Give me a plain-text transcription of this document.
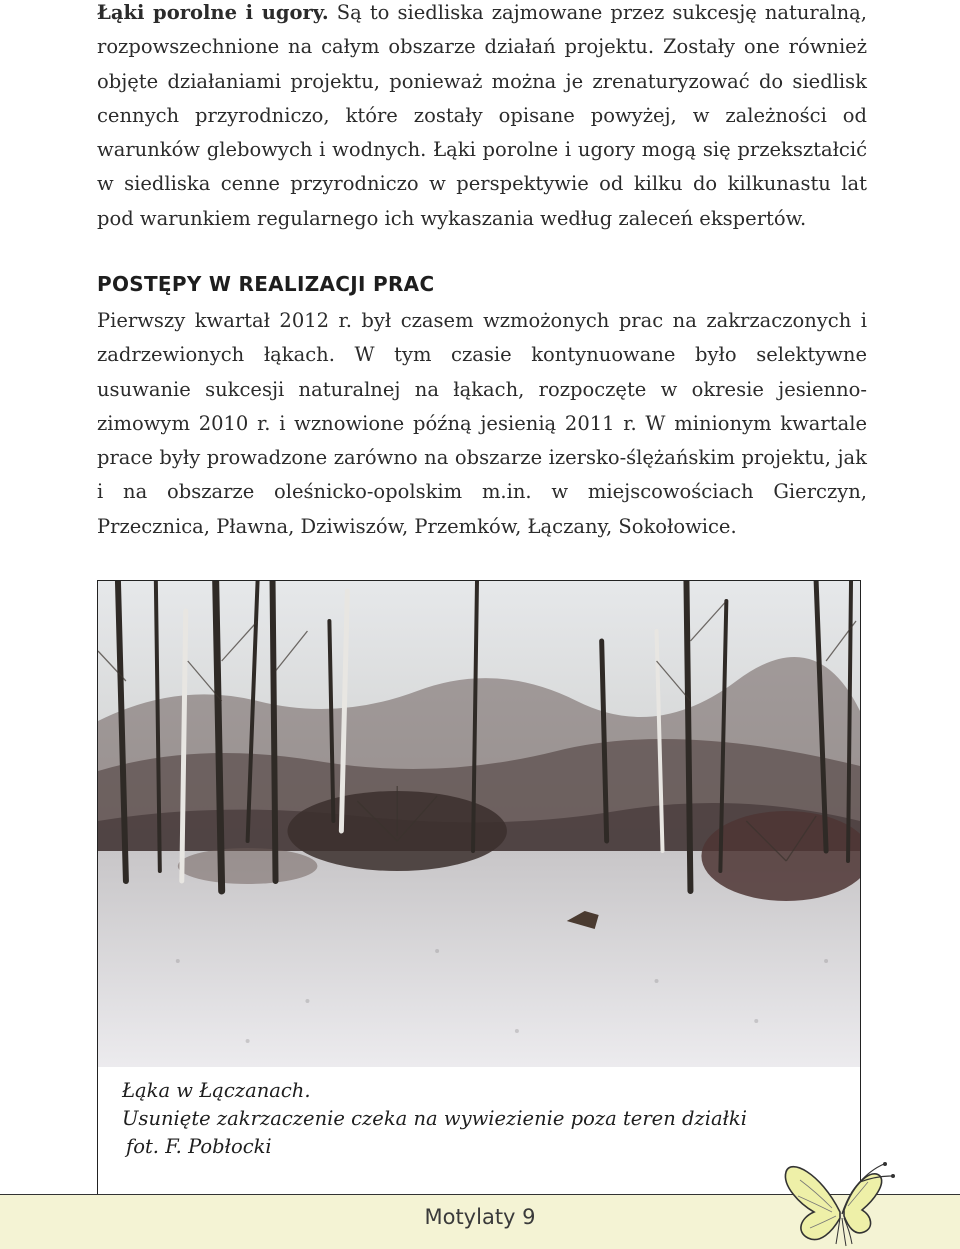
Łąki porolne i ugory. Są to siedliska zajmowane przez sukcesję naturalną, rozpowszechnione na całym obszarze działań projektu. Zostały one również objęte działaniami projektu, ponieważ można je zrenaturyzować do siedlisk cennych przyrodniczo, które zostały opisane powyżej, w zależności od warunków glebowych i wodnych. Łąki porolne i ugory mogą się przekształcić w siedliska cenne przyrodniczo w perspektywie od kilku do kilkunastu lat pod warunkiem regularnego ich wykaszania według zaleceń ekspertów.

POSTĘPY W REALIZACJI PRAC

Pierwszy kwartał 2012 r. był czasem wzmożonych prac na zakrzaczonych i zadrzewionych łąkach. W tym czasie kontynuowane było selektywne usuwanie sukcesji naturalnej na łąkach, rozpoczęte w okresie jesienno-zimowym 2010 r. i wznowione późną jesienią 2011 r. W minionym kwartale prace były prowadzone zarówno na obszarze izersko-ślężańskim projektu, jak i na obszarze oleśnicko-opolskim m.in. w miejscowościach Gierczyn, Przecznica, Pławna, Dziwiszów, Przemków, Łączany, Sokołowice.

Łąka w Łączanach.
Usunięte zakrzaczenie czeka na wywiezienie poza teren działki
fot. F. Pobłocki

Motylaty 9
